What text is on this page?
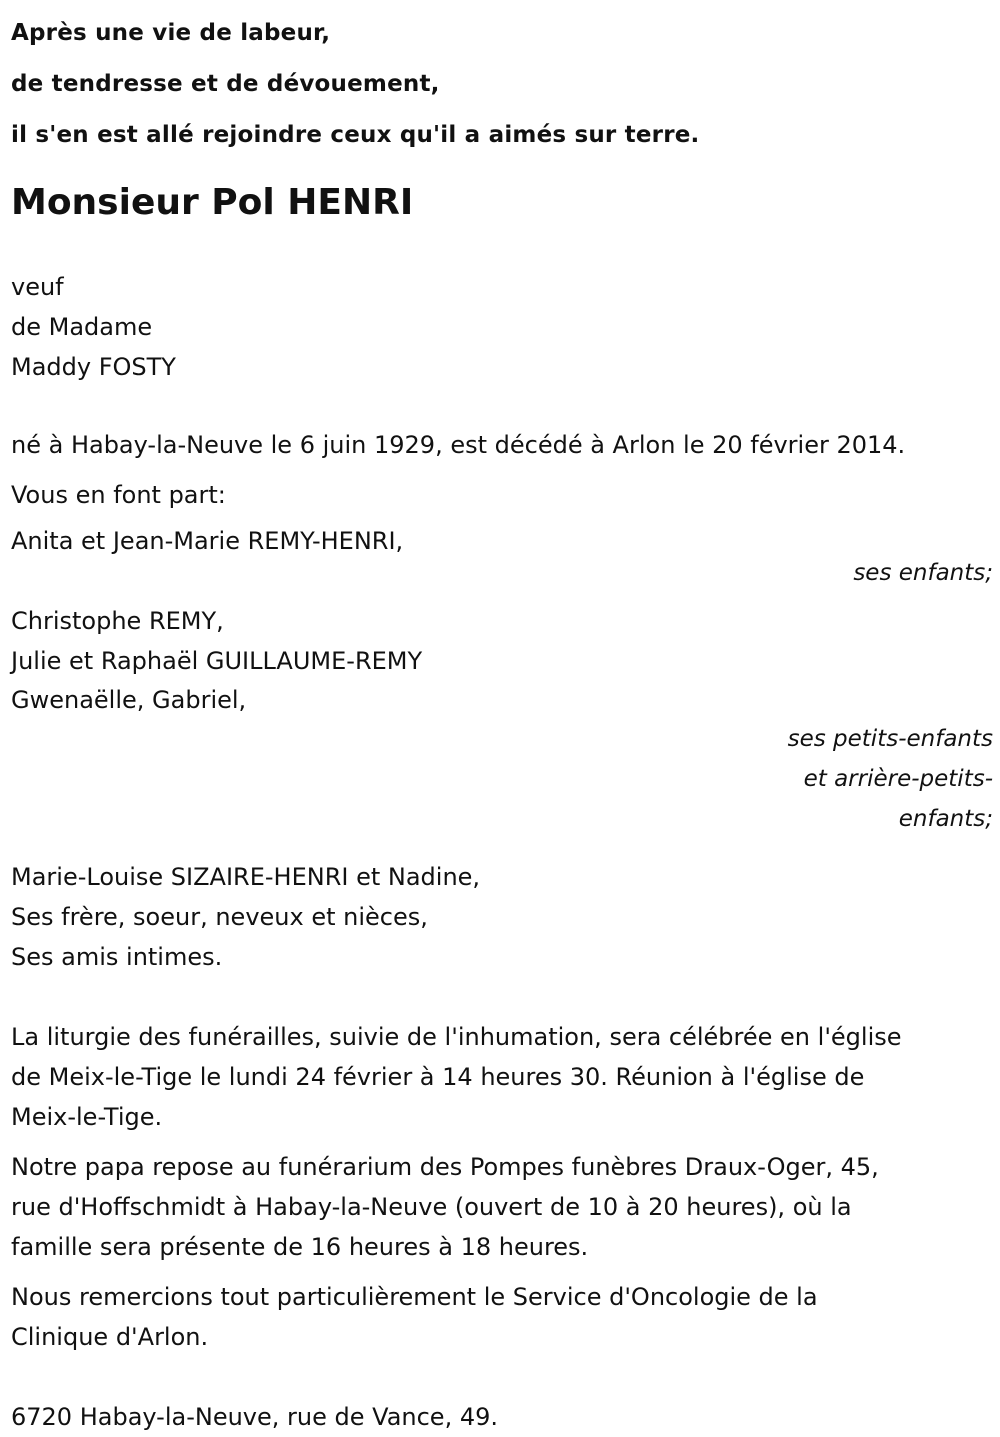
Après une vie de labeur,
de tendresse et de dévouement,
il s'en est allé rejoindre ceux qu'il a aimés sur terre.
Monsieur Pol HENRI
veuf
de Madame
Maddy FOSTY
né à Habay-la-Neuve le 6 juin 1929, est décédé à Arlon le 20 février 2014.
Vous en font part:
Anita et Jean-Marie REMY-HENRI,
ses enfants;
Christophe REMY,
Julie et Raphaël GUILLAUME-REMY
Gwenaëlle, Gabriel,
ses petits-enfants
et arrière-petits-
enfants;
Marie-Louise SIZAIRE-HENRI et Nadine,
Ses frère, soeur, neveux et nièces,
Ses amis intimes.
La liturgie des funérailles, suivie de l'inhumation, sera célébrée en l'église
de Meix-le-Tige le lundi 24 février à 14 heures 30. Réunion à l'église de
Meix-le-Tige.
Notre papa repose au funérarium des Pompes funèbres Draux-Oger, 45,
rue d'Hoffschmidt à Habay-la-Neuve (ouvert de 10 à 20 heures), où la
famille sera présente de 16 heures à 18 heures.
Nous remercions tout particulièrement le Service d'Oncologie de la
Clinique d'Arlon.
6720 Habay-la-Neuve, rue de Vance, 49.
